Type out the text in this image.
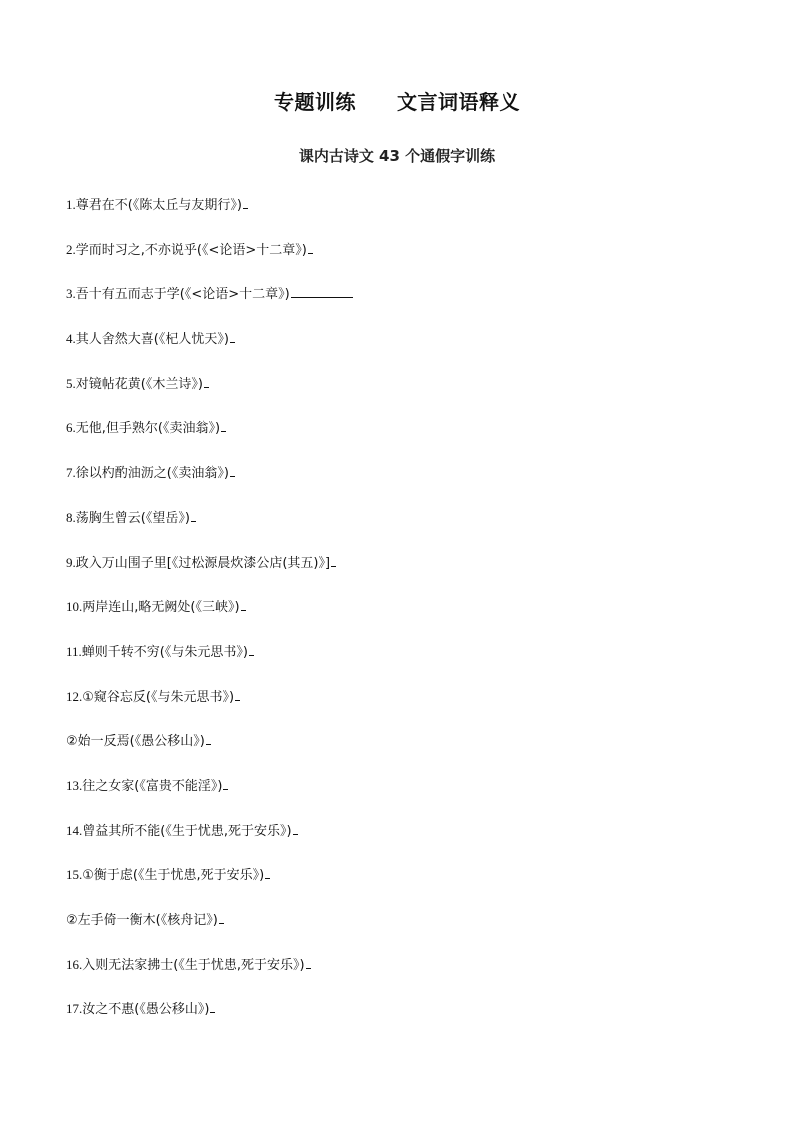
专题训练　　文言词语释义
课内古诗文 43 个通假字训练
1.尊君在不(《陈太丘与友期行》)
2.学而时习之,不亦说乎(《<论语>十二章》)
3.吾十有五而志于学(《<论语>十二章》)
4.其人舍然大喜(《杞人忧天》)
5.对镜帖花黄(《木兰诗》)
6.无他,但手熟尔(《卖油翁》)
7.徐以杓酌油沥之(《卖油翁》)
8.荡胸生曾云(《望岳》)
9.政入万山围子里[《过松源晨炊漆公店(其五)》]
10.两岸连山,略无阙处(《三峡》)
11.蝉则千转不穷(《与朱元思书》)
12.①窥谷忘反(《与朱元思书》)
②始一反焉(《愚公移山》)
13.往之女家(《富贵不能淫》)
14.曾益其所不能(《生于忧患,死于安乐》)
15.①衡于虑(《生于忧患,死于安乐》)
②左手倚一衡木(《核舟记》)
16.入则无法家拂士(《生于忧患,死于安乐》)
17.汝之不惠(《愚公移山》)
